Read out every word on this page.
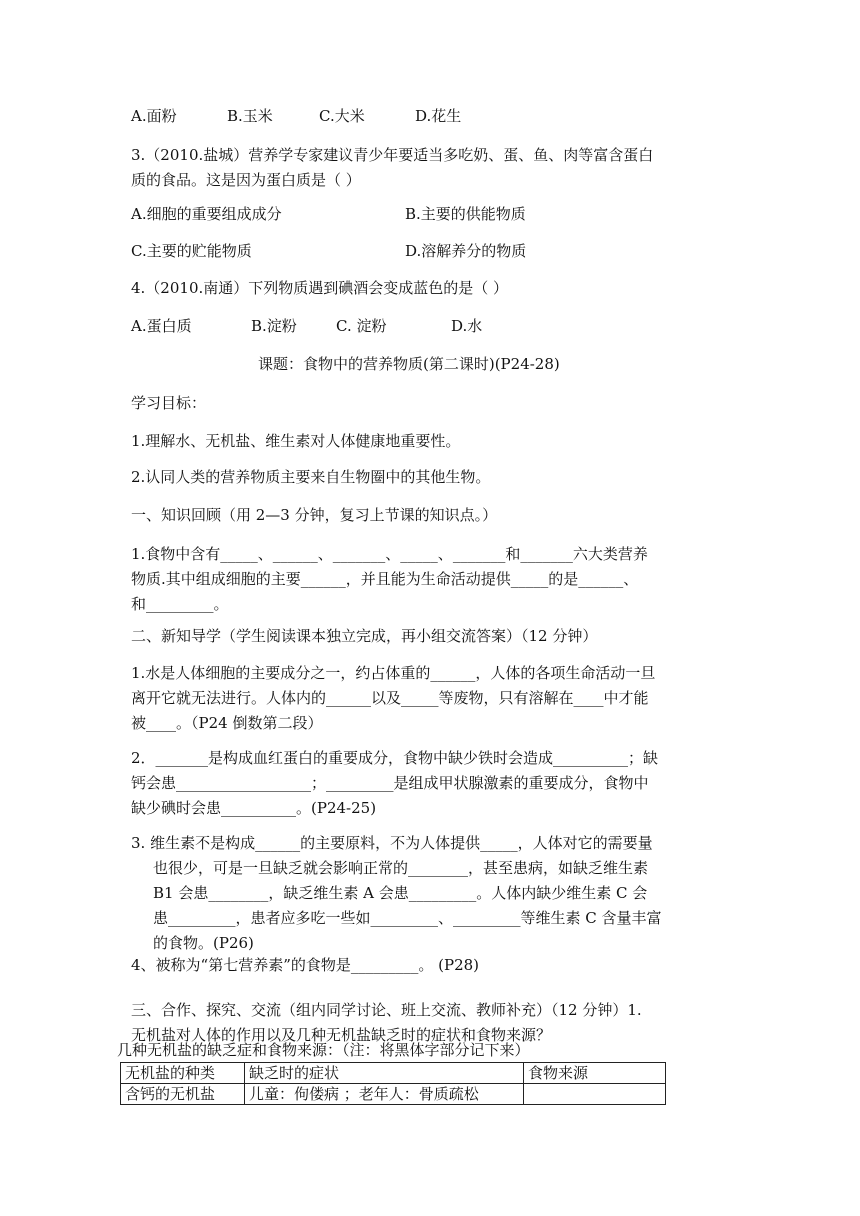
A.面粉	B.玉米	C.大米	D.花生
3.（2010.盐城）营养学专家建议青少年要适当多吃奶、蛋、鱼、肉等富含蛋白
质的食品。这是因为蛋白质是（ ）
A.细胞的重要组成成分	B.主要的供能物质
C.主要的贮能物质	D.溶解养分的物质
4.（2010.南通）下列物质遇到碘酒会变成蓝色的是（ ）
A.蛋白质	B.淀粉	C. 淀粉	D.水
课题：食物中的营养物质(第二课时)(P24-28)
学习目标：
1.理解水、无机盐、维生素对人体健康地重要性。
2.认同人类的营养物质主要来自生物圈中的其他生物。
一、知识回顾（用 2—3 分钟，复习上节课的知识点。）
1.食物中含有_____、______、_______、_____、_______和_______六大类营养
物质.其中组成细胞的主要______，并且能为生命活动提供_____的是______、
和_________。
二、新知导学（学生阅读课本独立完成，再小组交流答案）（12 分钟）
1.水是人体细胞的主要成分之一，约占体重的______，人体的各项生命活动一旦
离开它就无法进行。人体内的______以及_____等废物，只有溶解在____中才能
被____。（P24 倒数第二段）
2．_______是构成血红蛋白的重要成分，食物中缺少铁时会造成__________；缺
钙会患__________________；_________是组成甲状腺激素的重要成分，食物中
缺少碘时会患__________。(P24-25)
3. 维生素不是构成______的主要原料，不为人体提供_____，人体对它的需要量
也很少，可是一旦缺乏就会影响正常的________，甚至患病，如缺乏维生素
B1 会患________，缺乏维生素 A 会患_________。人体内缺少维生素 C 会
患_________，患者应多吃一些如_________、_________等维生素 C 含量丰富
的食物。(P26)
4、被称为“第七营养素”的食物是_________。 (P28)
三、合作、探究、交流（组内同学讨论、班上交流、教师补充）（12 分钟）1.
无机盐对人体的作用以及几种无机盐缺乏时的症状和食物来源？
几种无机盐的缺乏症和食物来源：（注：将黑体字部分记下来）
无机盐的种类	缺乏时的症状	食物来源
含钙的无机盐	儿童：佝偻病 ；老年人：骨质疏松	
